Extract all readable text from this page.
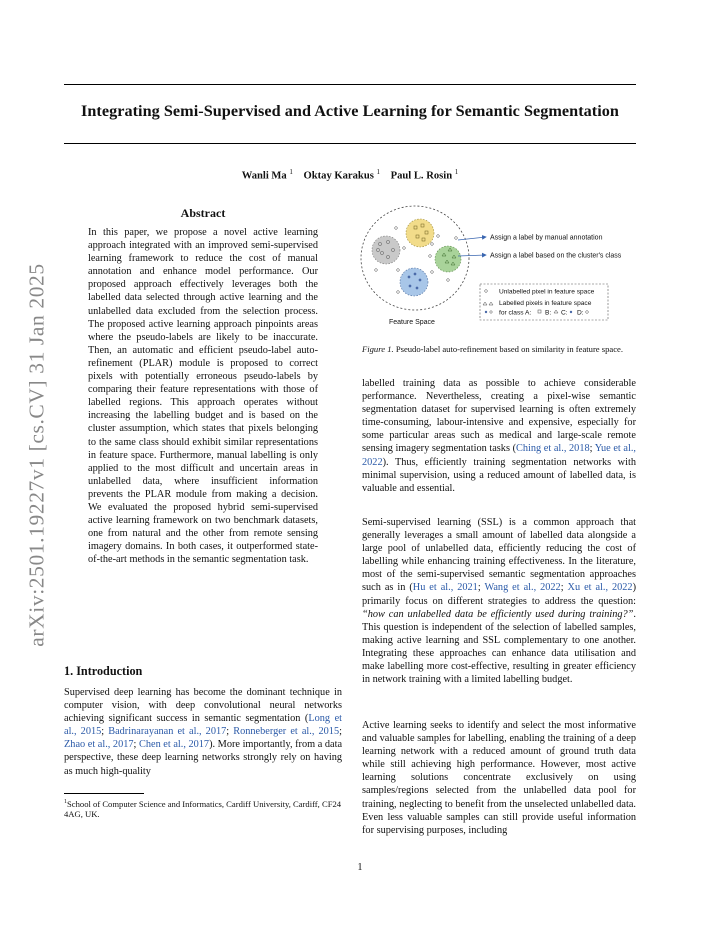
Integrating Semi-Supervised and Active Learning for Semantic Segmentation
Wanli Ma $^1$  Oktay Karakus $^1$  Paul L. Rosin $^1$
arXiv:2501.19227v1 [cs.CV] 31 Jan 2025
Abstract
In this paper, we propose a novel active learning approach integrated with an improved semi-supervised learning framework to reduce the cost of manual annotation and enhance model performance. Our proposed approach effectively leverages both the labelled data selected through active learning and the unlabelled data excluded from the selection process. The proposed active learning approach pinpoints areas where the pseudo-labels are likely to be inaccurate. Then, an automatic and efficient pseudo-label auto-refinement (PLAR) module is proposed to correct pixels with potentially erroneous pseudo-labels by comparing their feature representations with those of labelled regions. This approach operates without increasing the labelling budget and is based on the cluster assumption, which states that pixels belonging to the same class should exhibit similar representations in feature space. Furthermore, manual labelling is only applied to the most difficult and uncertain areas in unlabelled data, where insufficient information prevents the PLAR module from making a decision. We evaluated the proposed hybrid semi-supervised active learning framework on two benchmark datasets, one from natural and the other from remote sensing imagery domains. In both cases, it outperformed state-of-the-art methods in the semantic segmentation task.
1. Introduction

Supervised deep learning has become the dominant technique in computer vision, with deep convolutional neural networks achieving significant success in semantic segmentation (Long et al., 2015; Badrinarayanan et al., 2017; Ronneberger et al., 2015; Zhao et al., 2017; Chen et al., 2017). More importantly, from a data perspective, these deep learning networks strongly rely on having as much high-quality

$^1$School of Computer Science and Informatics, Cardiff University, Cardiff, CF24 4AG, UK.
Assign a label by manual annotation
Assign a label based on the cluster's class
Unlabelled pixel in feature space
Labelled pixels in feature space
for class A: B: C: D:
Feature Space
Figure 1. Pseudo-label auto-refinement based on similarity in feature space.

labelled training data as possible to achieve considerable performance. Nevertheless, creating a pixel-wise semantic segmentation dataset for supervised learning is often extremely time-consuming, labour-intensive and expensive, especially for some particular areas such as medical and large-scale remote sensing imagery segmentation tasks (Ching et al., 2018; Yue et al., 2022). Thus, efficiently training segmentation networks with minimal supervision, using a reduced amount of labelled data, is valuable and essential.

Semi-supervised learning (SSL) is a common approach that generally leverages a small amount of labelled data alongside a large pool of unlabelled data, efficiently reducing the cost of labelling while enhancing training effectiveness. In the literature, most of the semi-supervised semantic segmentation approaches such as in (Hu et al., 2021; Wang et al., 2022; Xu et al., 2022) primarily focus on different strategies to address the question: “how can unlabelled data be efficiently used during training?”. This question is independent of the selection of labelled samples, making active learning and SSL complementary to one another. Integrating these approaches can enhance data utilisation and make labelling more cost-effective, resulting in greater efficiency in network training with a limited labelling budget.

Active learning seeks to identify and select the most informative and valuable samples for labelling, enabling the training of a deep learning network with a reduced amount of ground truth data while still achieving high performance. However, most active learning solutions concentrate exclusively on using samples/regions selected from the unlabelled data pool for training, neglecting to benefit from the unselected unlabelled data. Even less valuable samples can still provide useful information for supervising purposes, including

1
